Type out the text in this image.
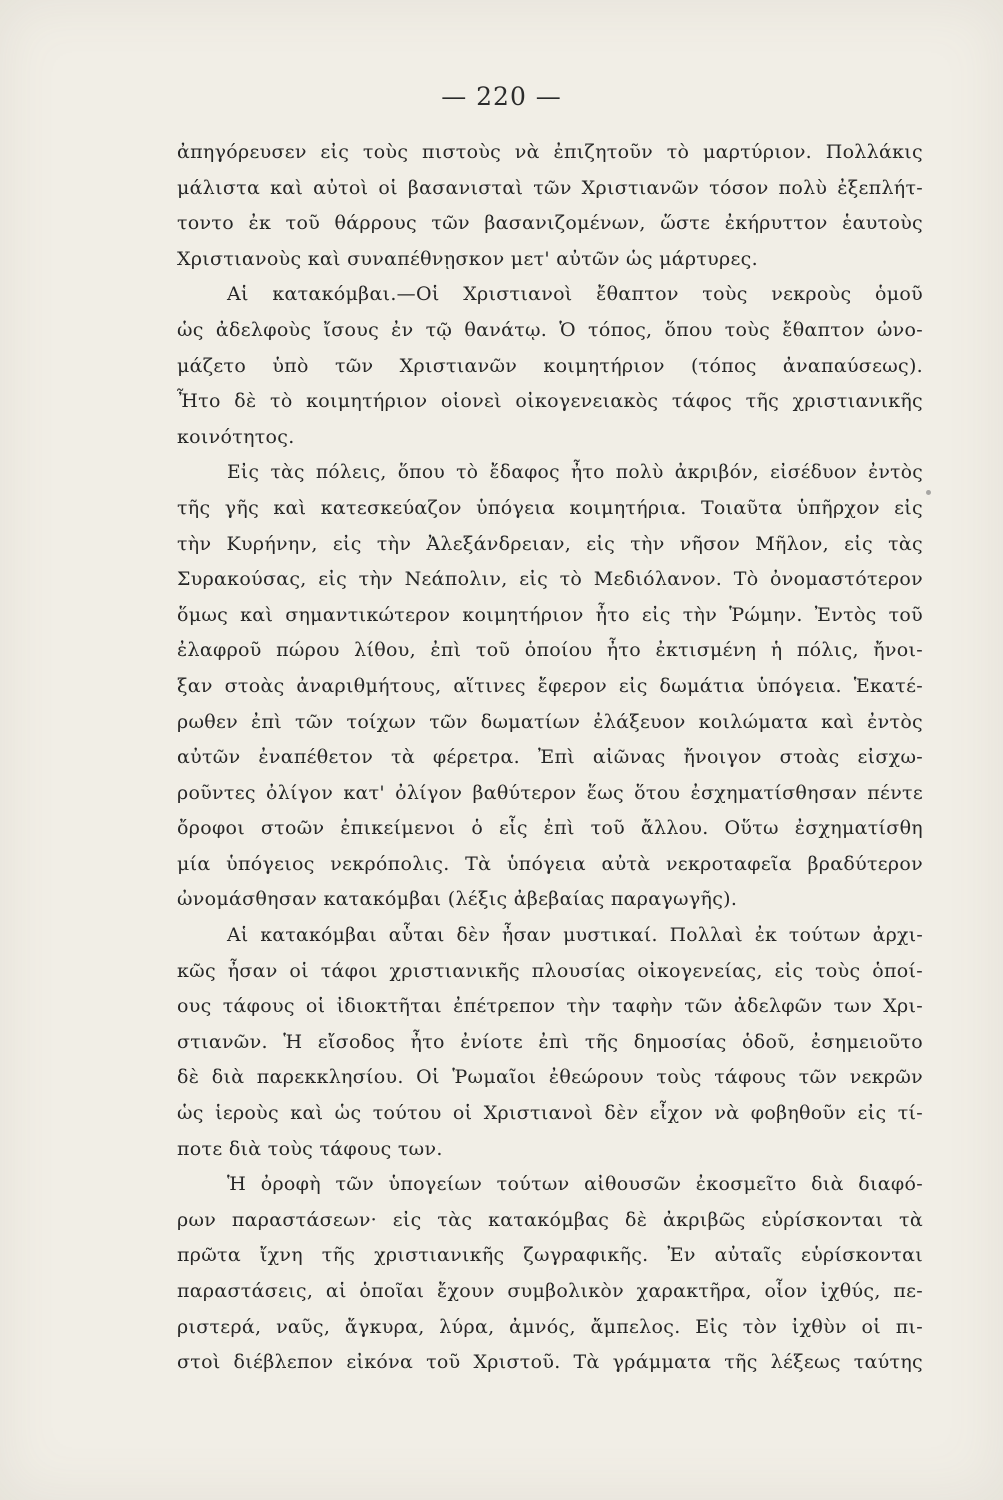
— 220 —
ἀπηγόρευσεν εἰς τοὺς πιστοὺς νὰ ἐπιζητοῦν τὸ μαρτύριον. Πολλάκις
μάλιστα καὶ αὐτοὶ οἱ βασανισταὶ τῶν Χριστιανῶν τόσον πολὺ ἐξεπλήτ-
τοντο ἐκ τοῦ θάρρους τῶν βασανιζομένων, ὥστε ἐκήρυττον ἑαυτοὺς
Χριστιανοὺς καὶ συναπέθνῃσκον μετ' αὐτῶν ὡς μάρτυρες.
Αἱ κατακόμβαι.—Οἱ Χριστιανοὶ ἔθαπτον τοὺς νεκροὺς ὁμοῦ
ὡς ἀδελφοὺς ἴσους ἐν τῷ θανάτῳ. Ὁ τόπος, ὅπου τοὺς ἔθαπτον ὠνο-
μάζετο ὑπὸ τῶν Χριστιανῶν κοιμητήριον (τόπος ἀναπαύσεως).
Ἦτο δὲ τὸ κοιμητήριον οἱονεὶ οἰκογενειακὸς τάφος τῆς χριστιανικῆς
κοινότητος.
Εἰς τὰς πόλεις, ὅπου τὸ ἔδαφος ἦτο πολὺ ἀκριβόν, εἰσέδυον ἐντὸς
τῆς γῆς καὶ κατεσκεύαζον ὑπόγεια κοιμητήρια. Τοιαῦτα ὑπῆρχον εἰς
τὴν Κυρήνην, εἰς τὴν Ἀλεξάνδρειαν, εἰς τὴν νῆσον Μῆλον, εἰς τὰς
Συρακούσας, εἰς τὴν Νεάπολιν, εἰς τὸ Μεδιόλανον. Τὸ ὀνομαστότερον
ὅμως καὶ σημαντικώτερον κοιμητήριον ἦτο εἰς τὴν Ῥώμην. Ἐντὸς τοῦ
ἐλαφροῦ πώρου λίθου, ἐπὶ τοῦ ὁποίου ἦτο ἐκτισμένη ἡ πόλις, ἤνοι-
ξαν στοὰς ἀναριθμήτους, αἵτινες ἔφερον εἰς δωμάτια ὑπόγεια. Ἑκατέ-
ρωθεν ἐπὶ τῶν τοίχων τῶν δωματίων ἐλάξευον κοιλώματα καὶ ἐντὸς
αὐτῶν ἐναπέθετον τὰ φέρετρα. Ἐπὶ αἰῶνας ἤνοιγον στοὰς εἰσχω-
ροῦντες ὀλίγον κατ' ὀλίγον βαθύτερον ἕως ὅτου ἐσχηματίσθησαν πέντε
ὄροφοι στοῶν ἐπικείμενοι ὁ εἷς ἐπὶ τοῦ ἄλλου. Οὕτω ἐσχηματίσθη
μία ὑπόγειος νεκρόπολις. Τὰ ὑπόγεια αὐτὰ νεκροταφεῖα βραδύτερον
ὠνομάσθησαν κατακόμβαι (λέξις ἀβεβαίας παραγωγῆς).
Αἱ κατακόμβαι αὗται δὲν ἦσαν μυστικαί. Πολλαὶ ἐκ τούτων ἀρχι-
κῶς ἦσαν οἱ τάφοι χριστιανικῆς πλουσίας οἰκογενείας, εἰς τοὺς ὁποί-
ους τάφους οἱ ἰδιοκτῆται ἐπέτρεπον τὴν ταφὴν τῶν ἀδελφῶν των Χρι-
στιανῶν. Ἡ εἴσοδος ἦτο ἐνίοτε ἐπὶ τῆς δημοσίας ὁδοῦ, ἐσημειοῦτο
δὲ διὰ παρεκκλησίου. Οἱ Ῥωμαῖοι ἐθεώρουν τοὺς τάφους τῶν νεκρῶν
ὡς ἱεροὺς καὶ ὡς τούτου οἱ Χριστιανοὶ δὲν εἶχον νὰ φοβηθοῦν εἰς τί-
ποτε διὰ τοὺς τάφους των.
Ἡ ὀροφὴ τῶν ὑπογείων τούτων αἰθουσῶν ἐκοσμεῖτο διὰ διαφό-
ρων παραστάσεων· εἰς τὰς κατακόμβας δὲ ἀκριβῶς εὑρίσκονται τὰ
πρῶτα ἴχνη τῆς χριστιανικῆς ζωγραφικῆς. Ἐν αὐταῖς εὑρίσκονται
παραστάσεις, αἱ ὁποῖαι ἔχουν συμβολικὸν χαρακτῆρα, οἷον ἰχθύς, πε-
ριστερά, ναῦς, ἄγκυρα, λύρα, ἀμνός, ἄμπελος. Εἰς τὸν ἰχθὺν οἱ πι-
στοὶ διέβλεπον εἰκόνα τοῦ Χριστοῦ. Τὰ γράμματα τῆς λέξεως ταύτης
